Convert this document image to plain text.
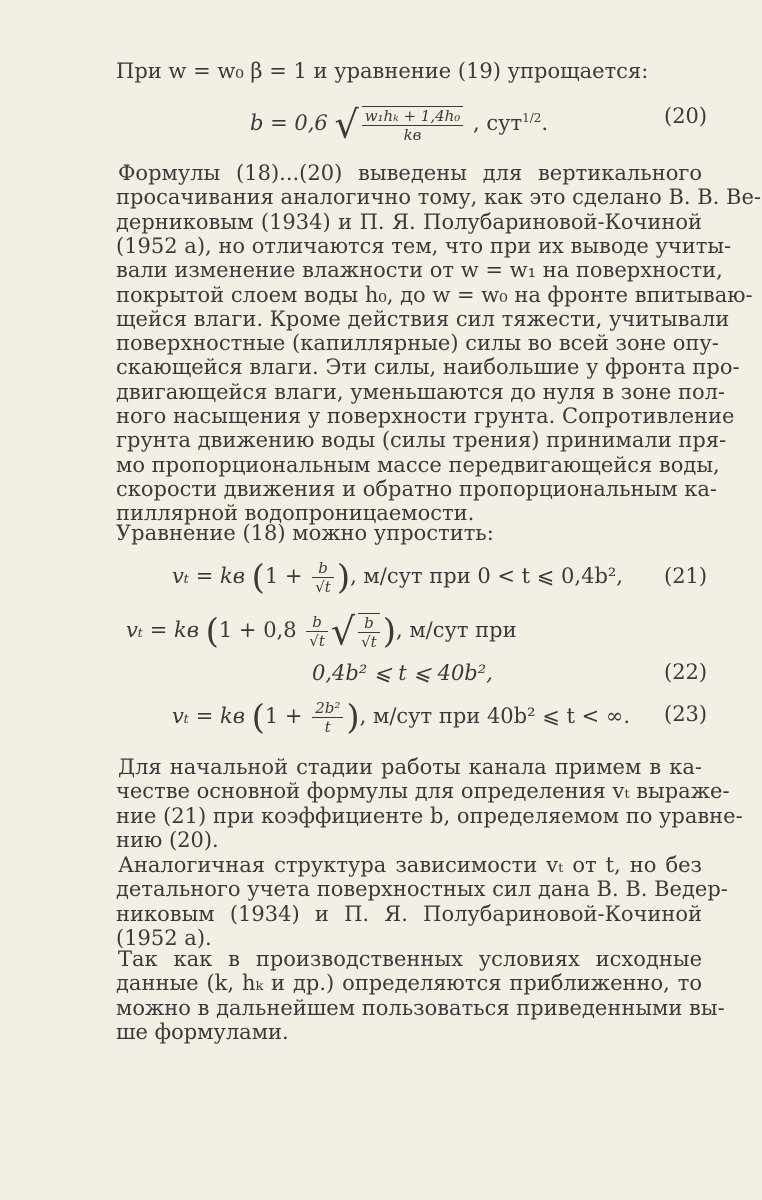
При w = w₀ β = 1 и уравнение (19) упрощается:
b = 0,6 √ $\frac{\text{w₁hₖ + 1,4h₀}}{kв}$ , сут$^{1/2}$.	(20)
Формулы (18)...(20) выведены для вертикального
просачивания аналогично тому, как это сделано В. В. Ве-
дерниковым (1934) и П. Я. Полубариновой-Кочиной
(1952 а), но отличаются тем, что при их выводе учиты-
вали изменение влажности от w = w₁ на поверхности,
покрытой слоем воды h₀, до w = w₀ на фронте впитываю-
щейся влаги. Кроме действия сил тяжести, учитывали
поверхностные (капиллярные) силы во всей зоне опу-
скающейся влаги. Эти силы, наибольшие у фронта про-
двигающейся влаги, уменьшаются до нуля в зоне пол-
ного насыщения у поверхности грунта. Сопротивление
грунта движению воды (силы трения) принимали пря-
мо пропорциональным массе передвигающейся воды,
скорости движения и обратно пропорциональным ка-
пиллярной водопроницаемости.
Уравнение (18) можно упростить:
vₜ = kв ($1 + \frac{b}{√t}$ ), м/сут при 0 < t ⩽ 0,4b², (21)
vₜ = kв ($1 + 0,8 \frac{b}{√t}$ √ $\frac{b}{√t}$ ), м/сут при
0,4b² ⩽ t ⩽ 40b²,	(22)
vₜ = kв ($1 + \frac{\text{2b²}}{t}$ ), м/сут при 40b² ⩽ t < ∞. (23)
Для начальной стадии работы канала примем в ка-
честве основной формулы для определения vₜ выраже-
ние (21) при коэффициенте b, определяемом по уравне-
нию (20).
Аналогичная структура зависимости vₜ от t, но без
детального учета поверхностных сил дана В. В. Ведер-
никовым (1934) и П. Я. Полубариновой-Кочиной
(1952 а).
Так как в производственных условиях исходные
данные (k, hₖ и др.) определяются приближенно, то
можно в дальнейшем пользоваться приведенными вы-
ше формулами.
